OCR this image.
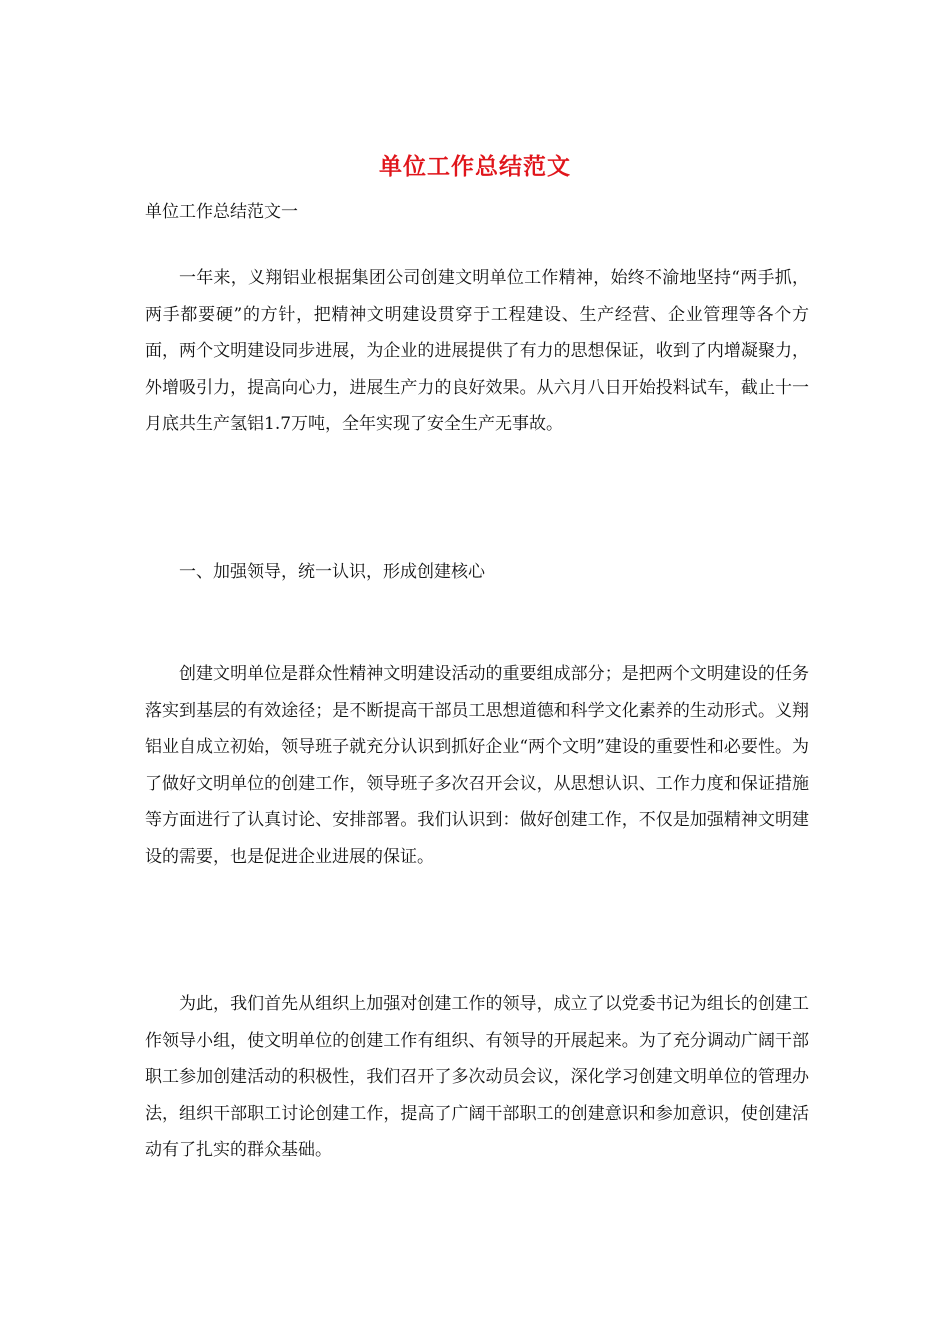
单位工作总结范文
单位工作总结范文一

一年来，义翔铝业根据集团公司创建文明单位工作精神，始终不渝地坚持“两手抓，两手都要硬”的方针，把精神文明建设贯穿于工程建设、生产经营、企业管理等各个方面，两个文明建设同步进展，为企业的进展提供了有力的思想保证，收到了内增凝聚力，外增吸引力，提高向心力，进展生产力的良好效果。从六月八日开始投料试车，截止十一月底共生产氢铝1.7万吨，全年实现了安全生产无事故。

一、加强领导，统一认识，形成创建核心

创建文明单位是群众性精神文明建设活动的重要组成部分；是把两个文明建设的任务落实到基层的有效途径；是不断提高干部员工思想道德和科学文化素养的生动形式。义翔铝业自成立初始，领导班子就充分认识到抓好企业“两个文明”建设的重要性和必要性。为了做好文明单位的创建工作，领导班子多次召开会议，从思想认识、工作力度和保证措施等方面进行了认真讨论、安排部署。我们认识到：做好创建工作，不仅是加强精神文明建设的需要，也是促进企业进展的保证。

为此，我们首先从组织上加强对创建工作的领导，成立了以党委书记为组长的创建工作领导小组，使文明单位的创建工作有组织、有领导的开展起来。为了充分调动广阔干部职工参加创建活动的积极性，我们召开了多次动员会议，深化学习创建文明单位的管理办法，组织干部职工讨论创建工作，提高了广阔干部职工的创建意识和参加意识，使创建活动有了扎实的群众基础。
